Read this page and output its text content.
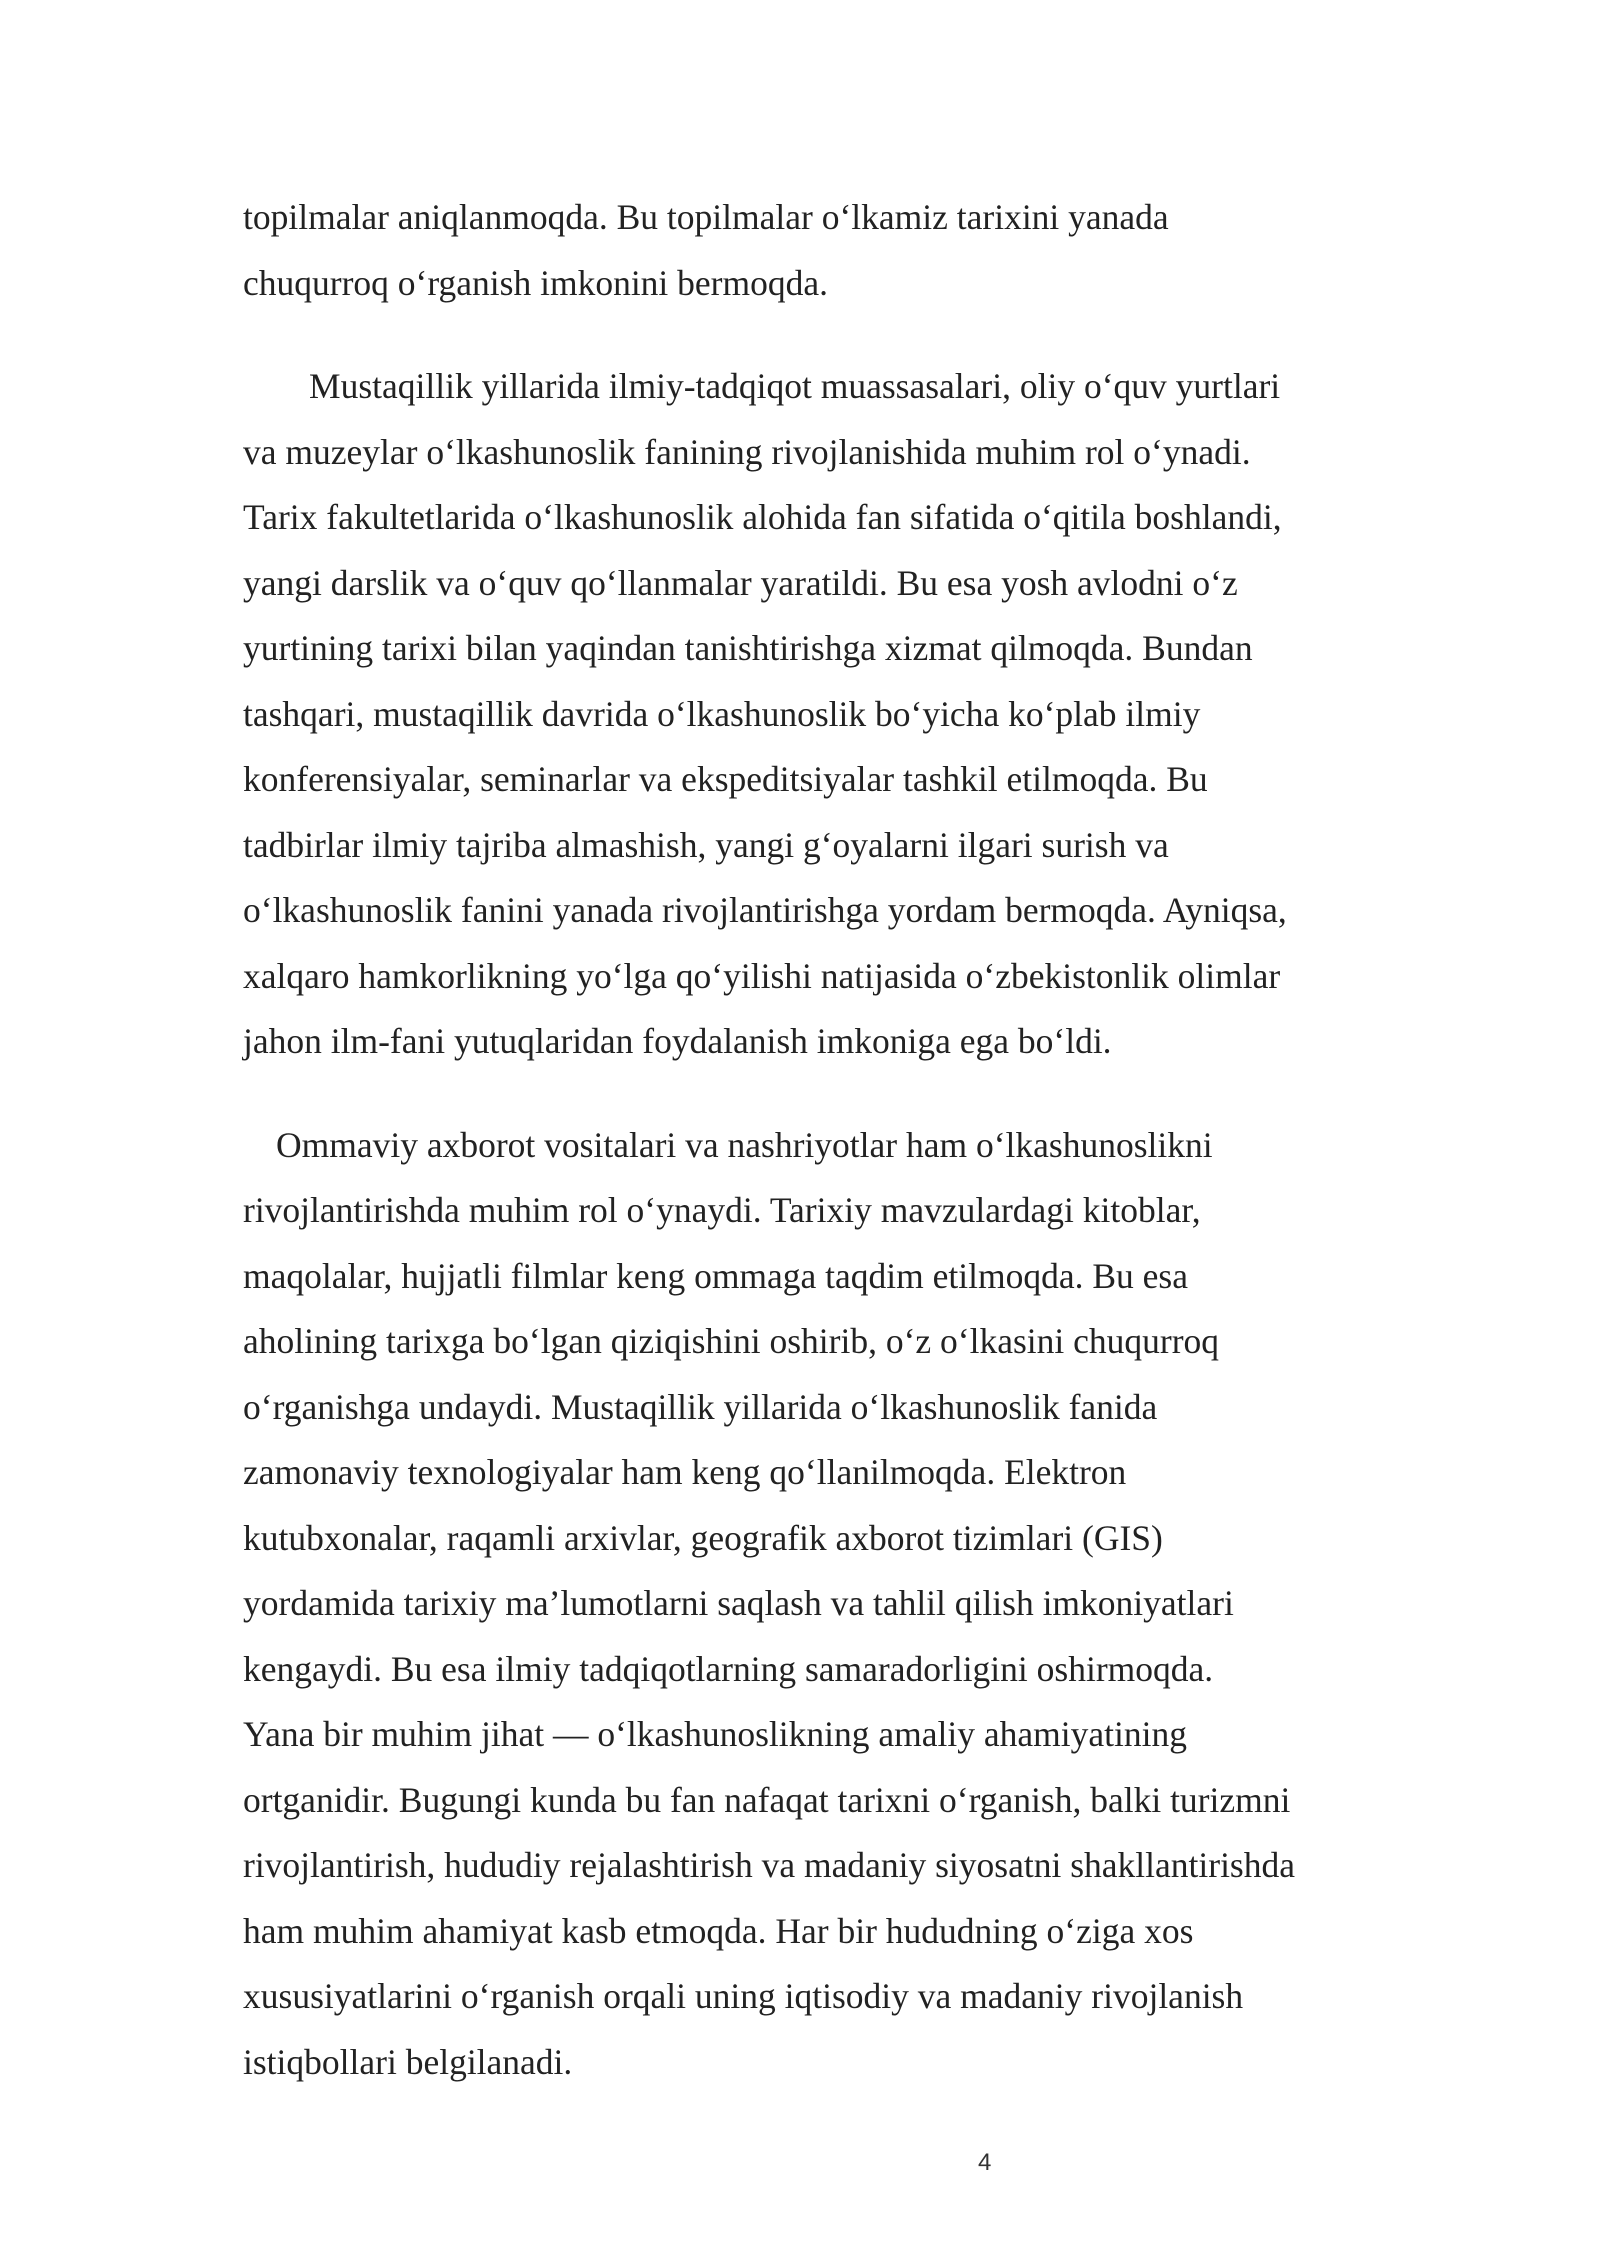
topilmalar aniqlanmoqda. Bu topilmalar o‘lkamiz tarixini yanada
chuqurroq o‘rganish imkonini bermoqda.

Mustaqillik yillarida ilmiy-tadqiqot muassasalari, oliy o‘quv yurtlari
va muzeylar o‘lkashunoslik fanining rivojlanishida muhim rol o‘ynadi.
Tarix fakultetlarida o‘lkashunoslik alohida fan sifatida o‘qitila boshlandi,
yangi darslik va o‘quv qo‘llanmalar yaratildi. Bu esa yosh avlodni o‘z
yurtining tarixi bilan yaqindan tanishtirishga xizmat qilmoqda. Bundan
tashqari, mustaqillik davrida o‘lkashunoslik bo‘yicha ko‘plab ilmiy
konferensiyalar, seminarlar va ekspeditsiyalar tashkil etilmoqda. Bu
tadbirlar ilmiy tajriba almashish, yangi g‘oyalarni ilgari surish va
o‘lkashunoslik fanini yanada rivojlantirishga yordam bermoqda. Ayniqsa,
xalqaro hamkorlikning yo‘lga qo‘yilishi natijasida o‘zbekistonlik olimlar
jahon ilm-fani yutuqlaridan foydalanish imkoniga ega bo‘ldi.

Ommaviy axborot vositalari va nashriyotlar ham o‘lkashunoslikni
rivojlantirishda muhim rol o‘ynaydi. Tarixiy mavzulardagi kitoblar,
maqolalar, hujjatli filmlar keng ommaga taqdim etilmoqda. Bu esa
aholining tarixga bo‘lgan qiziqishini oshirib, o‘z o‘lkasini chuqurroq
o‘rganishga undaydi. Mustaqillik yillarida o‘lkashunoslik fanida
zamonaviy texnologiyalar ham keng qo‘llanilmoqda. Elektron
kutubxonalar, raqamli arxivlar, geografik axborot tizimlari (GIS)
yordamida tarixiy ma’lumotlarni saqlash va tahlil qilish imkoniyatlari
kengaydi. Bu esa ilmiy tadqiqotlarning samaradorligini oshirmoqda.
Yana bir muhim jihat — o‘lkashunoslikning amaliy ahamiyatining
ortganidir. Bugungi kunda bu fan nafaqat tarixni o‘rganish, balki turizmni
rivojlantirish, hududiy rejalashtirish va madaniy siyosatni shakllantirishda
ham muhim ahamiyat kasb etmoqda. Har bir hududning o‘ziga xos
xususiyatlarini o‘rganish orqali uning iqtisodiy va madaniy rivojlanish
istiqbollari belgilanadi.

4
